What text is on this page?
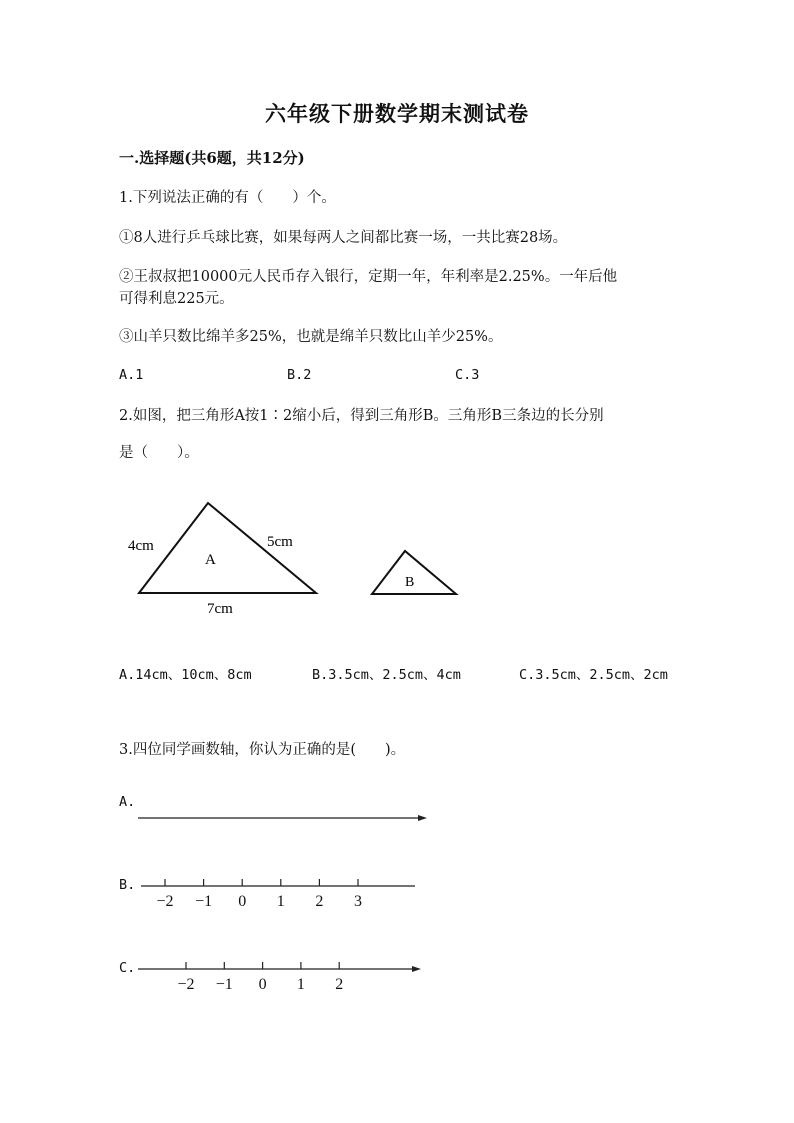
六年级下册数学期末测试卷
一.选择题(共6题，共12分)
1.下列说法正确的有（　　）个。
①8人进行乒乓球比赛，如果每两人之间都比赛一场，一共比赛28场。
②王叔叔把10000元人民币存入银行，定期一年，年利率是2.25%。一年后他
可得利息225元。
③山羊只数比绵羊多25%，也就是绵羊只数比山羊少25%。
A.1	B.2	C.3
2.如图，把三角形A按1∶2缩小后，得到三角形B。三角形B三条边的长分别
是（　　）。
4cm	5cm
A
7cm
B
A.14cm、10cm、8cm	B.3.5cm、2.5cm、4cm	C.3.5cm、2.5cm、2cm
3.四位同学画数轴，你认为正确的是(　　)。
A.
B.
C.
−2 −1 0 1 2 3
−2 −1 0 1 2
